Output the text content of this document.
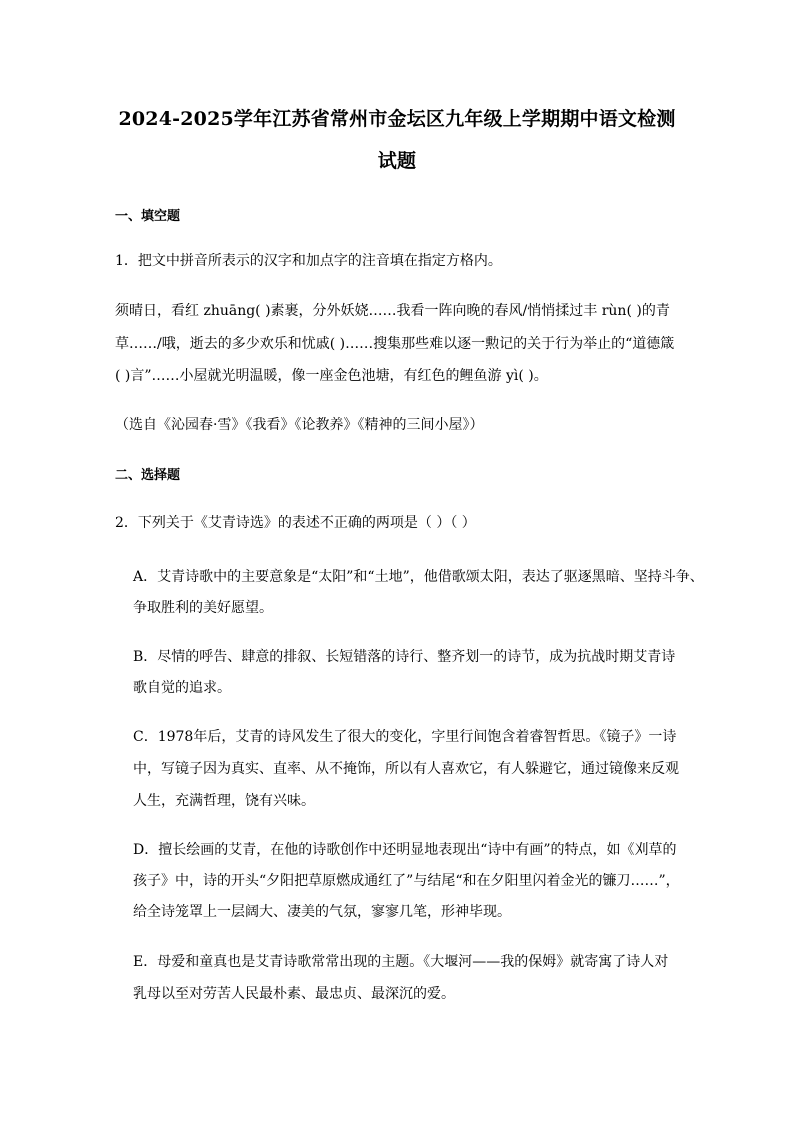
2024-2025学年江苏省常州市金坛区九年级上学期期中语文检测
试题
一、填空题
1．把文中拼音所表示的汉字和加点字的注音填在指定方格内。
须晴日，看红 zhuāng( )素裹，分外妖娆……我看一阵向晚的春风/悄悄揉过丰 rùn( )的青
草……/哦，逝去的多少欢乐和忧戚( )……搜集那些难以逐一勲记的关于行为举止的“道德箴
( )言”……小屋就光明温暖，像一座金色池塘，有红色的鲤鱼游 yì( )。
（选自《沁园春·雪》《我看》《论教养》《精神的三间小屋》）
二、选择题
2．下列关于《艾青诗选》的表述不正确的两项是（ ）（ ）
A．艾青诗歌中的主要意象是“太阳”和“土地”，他借歌颂太阳，表达了驱逐黑暗、坚持斗争、
争取胜利的美好愿望。
B．尽情的呼告、肆意的排叙、长短错落的诗行、整齐划一的诗节，成为抗战时期艾青诗
歌自觉的追求。
C．1978年后，艾青的诗风发生了很大的变化，字里行间饱含着睿智哲思。《镜子》一诗
中，写镜子因为真实、直率、从不掩饰，所以有人喜欢它，有人躲避它，通过镜像来反观
人生，充满哲理，饶有兴味。
D．擅长绘画的艾青，在他的诗歌创作中还明显地表现出“诗中有画”的特点，如《刈草的
孩子》中，诗的开头“夕阳把草原燃成通红了”与结尾“和在夕阳里闪着金光的镰刀……”，
给全诗笼罩上一层阔大、凄美的气氛，寥寥几笔，形神毕现。
E．母爱和童真也是艾青诗歌常常出现的主题。《大堰河——我的保姆》就寄寓了诗人对
乳母以至对劳苦人民最朴素、最忠贞、最深沉的爱。
